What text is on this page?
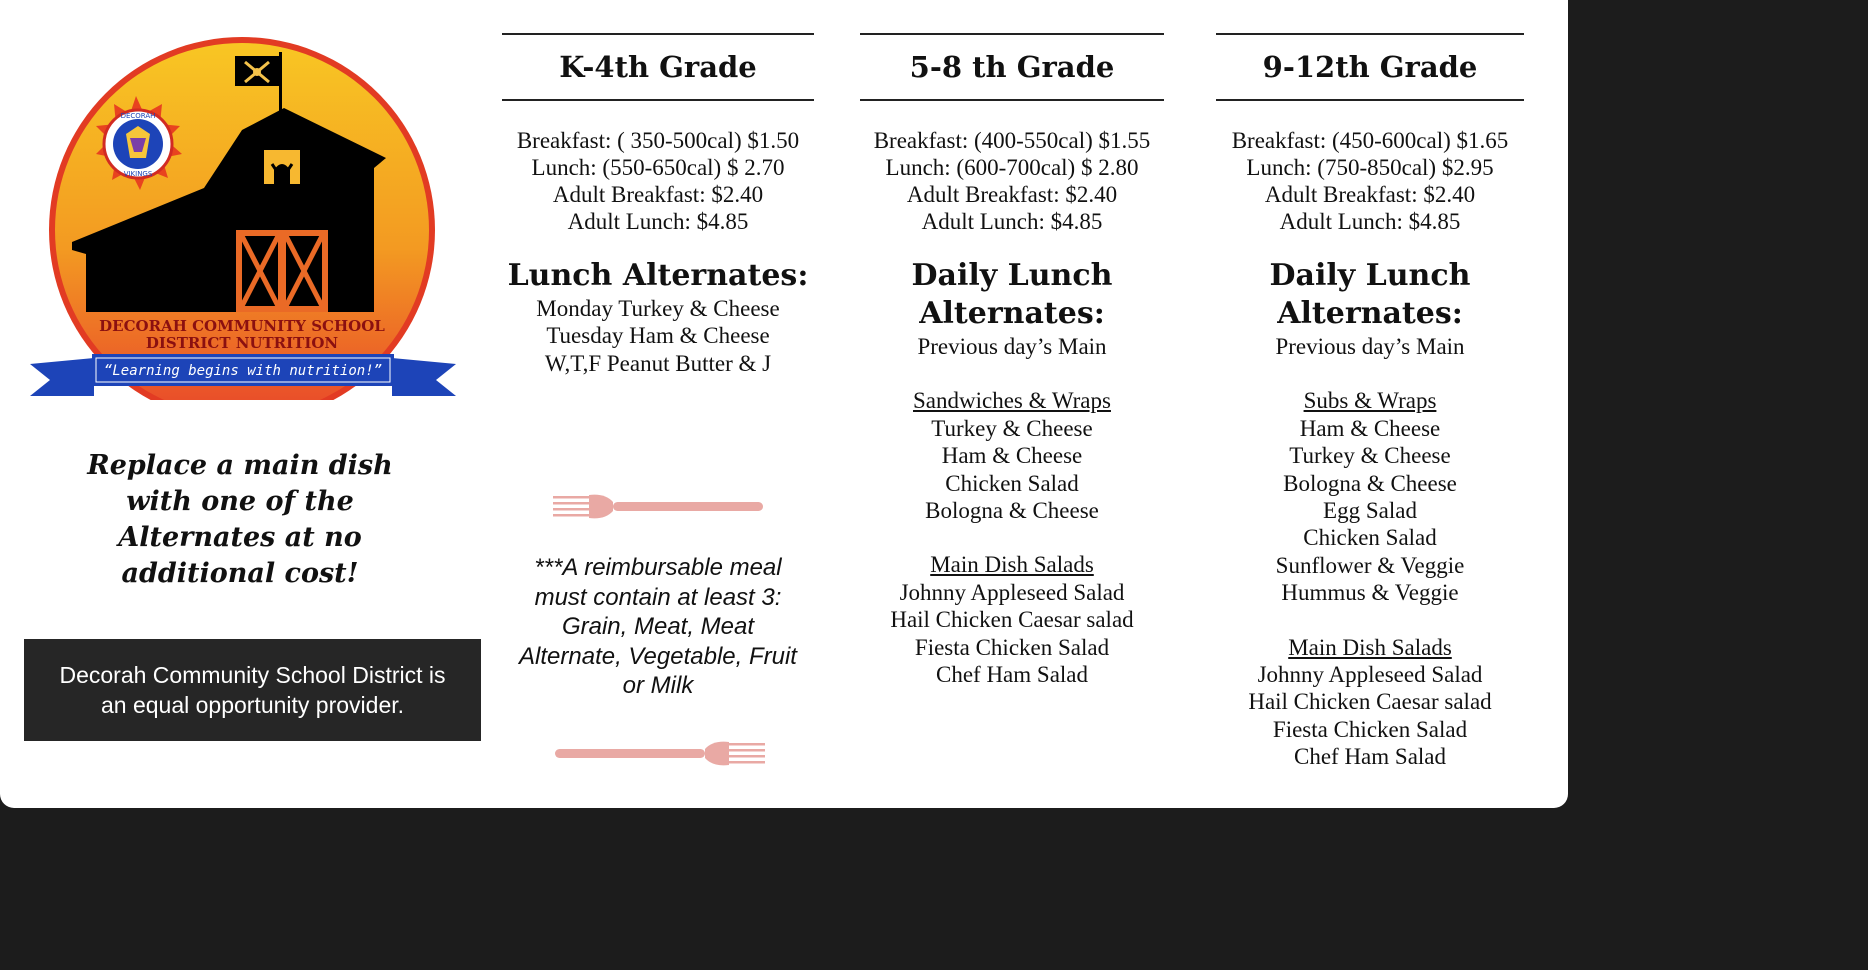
DECORAH
VIKINGS
DECORAH COMMUNITY SCHOOL
DISTRICT NUTRITION
“Learning begins with nutrition!”
Replace a main dish
with one of the
Alternates at no
additional cost!
Decorah Community School District is
an equal opportunity provider.
K-4th Grade
Breakfast: ( 350-500cal) $1.50
Lunch: (550-650cal) $ 2.70
Adult Breakfast: $2.40
Adult Lunch: $4.85
Lunch Alternates:
Monday Turkey & Cheese
Tuesday Ham & Cheese
W,T,F Peanut Butter & J
***A reimbursable meal
must contain at least 3:
Grain, Meat, Meat
Alternate, Vegetable, Fruit
or Milk
5-8 th Grade
Breakfast: (400-550cal) $1.55
Lunch: (600-700cal) $ 2.80
Adult Breakfast: $2.40
Adult Lunch: $4.85
Daily Lunch
Alternates:
Previous day’s Main
Sandwiches & Wraps
Turkey & Cheese
Ham & Cheese
Chicken Salad
Bologna & Cheese
Main Dish Salads
Johnny Appleseed Salad
Hail Chicken Caesar salad
Fiesta Chicken Salad
Chef Ham Salad
9-12th Grade
Breakfast: (450-600cal) $1.65
Lunch: (750-850cal) $2.95
Adult Breakfast: $2.40
Adult Lunch: $4.85
Daily Lunch
Alternates:
Previous day’s Main
Subs & Wraps
Ham & Cheese
Turkey & Cheese
Bologna & Cheese
Egg Salad
Chicken Salad
Sunflower & Veggie
Hummus & Veggie
Main Dish Salads
Johnny Appleseed Salad
Hail Chicken Caesar salad
Fiesta Chicken Salad
Chef Ham Salad
